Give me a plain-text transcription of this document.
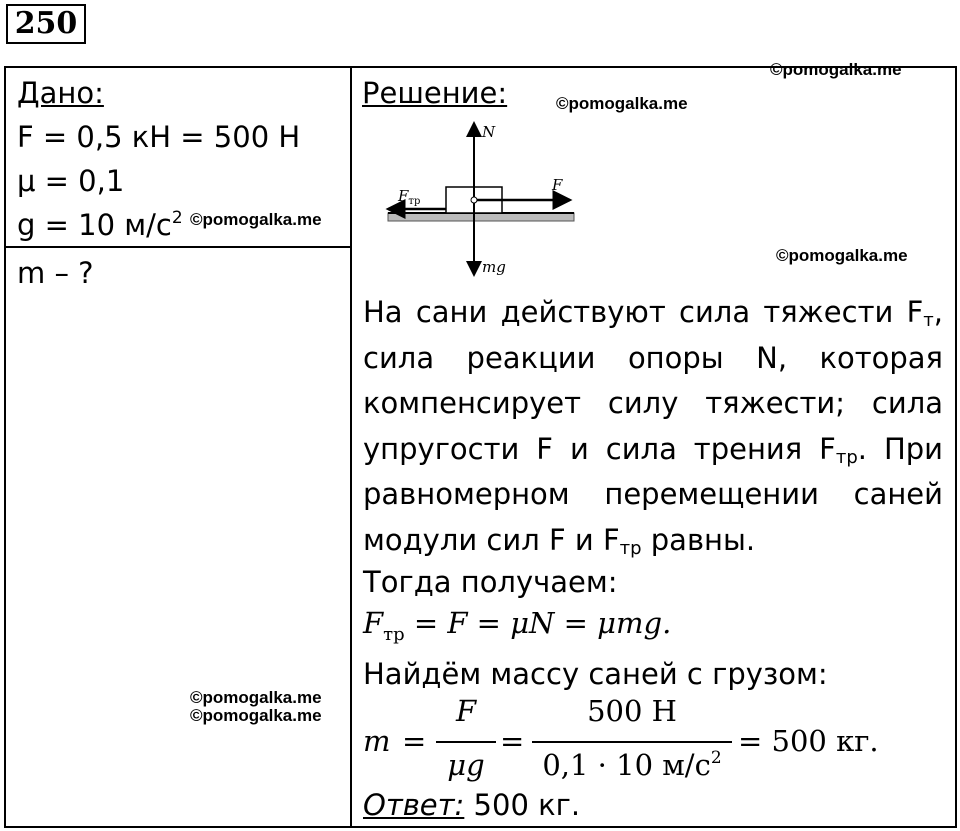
250
Дано:
F = 0,5 кН = 500 Н
μ = 0,1
g = 10 $м/с^2$
m – ?
©pomogalka.me
©pomogalka.me
©pomogalka.me
©pomogalka.me
©pomogalka.me
©pomogalka.me
Решение:
N
F
$F_{тр}$
mg
На сани действуют сила тяжести $F_т$, сила реакции опоры N, которая компенсирует силу тяжести; сила упругости F и сила трения $F_{тр}$. При равномерном перемещении саней модули сил F и $F_{тр}$ равны.
Тогда получаем:
$F_{тр} = F = \mu N = \mu mg$.
Найдём массу саней с грузом:
m =
F
μg
=
500 Н
0,1 · 10 $м/с^2 = 500$ кг.
Ответ: 500 кг.
